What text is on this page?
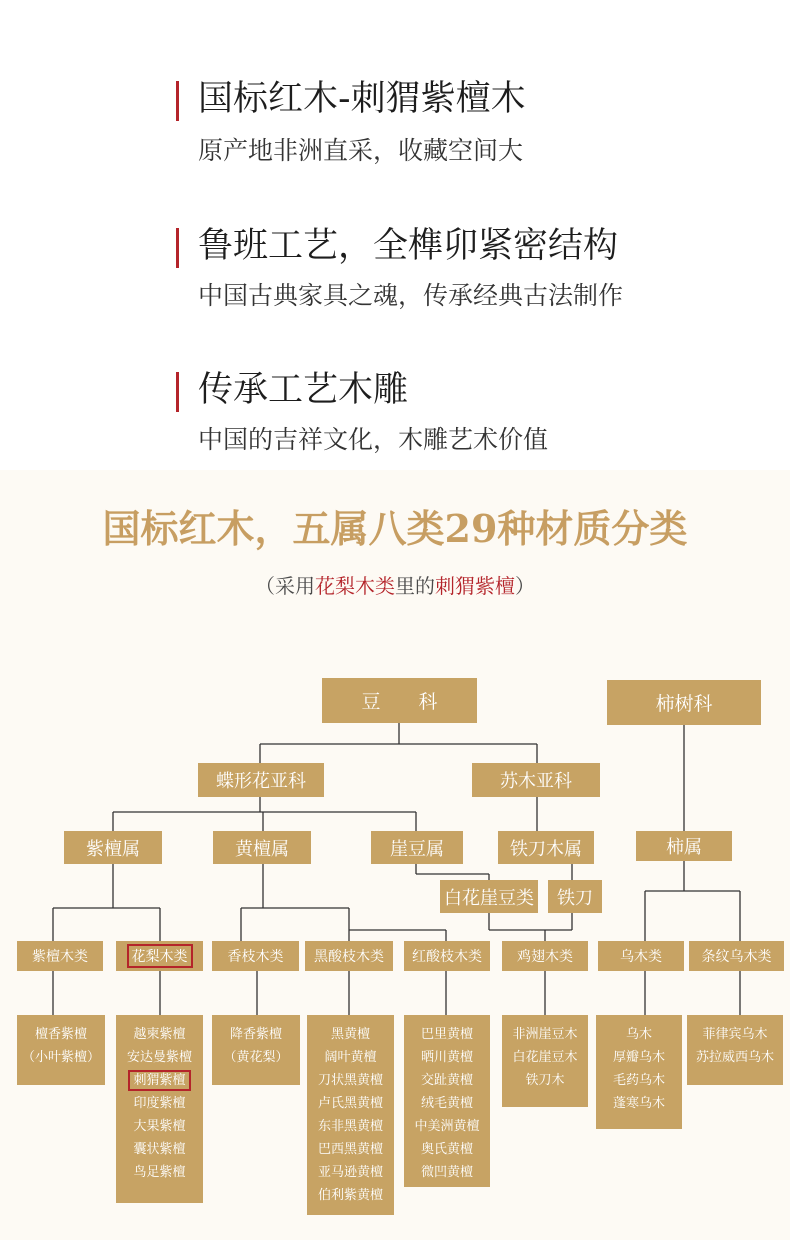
国标红木-刺猬紫檀木
原产地非洲直采，收藏空间大
鲁班工艺，全榫卯紧密结构
中国古典家具之魂，传承经典古法制作
传承工艺木雕
中国的吉祥文化，木雕艺术价值
国标红木，五属八类29种材质分类
（采用花梨木类里的刺猬紫檀）
豆　　科	柿树科
蝶形花亚科	苏木亚科
紫檀属	黄檀属	崖豆属	铁刀木属	柿属
白花崖豆类	铁刀
紫檀木类	花梨木类	香枝木类	黑酸枝木类	红酸枝木类	鸡翅木类	乌木类	条纹乌木类
檀香紫檀
（小叶紫檀）
越柬紫檀
安达曼紫檀
刺猬紫檀
印度紫檀
大果紫檀
囊状紫檀
鸟足紫檀
降香紫檀
（黄花梨）
黑黄檀
阔叶黄檀
刀状黑黄檀
卢氏黑黄檀
东非黑黄檀
巴西黑黄檀
亚马逊黄檀
伯利紫黄檀
巴里黄檀
晒川黄檀
交趾黄檀
绒毛黄檀
中美洲黄檀
奥氏黄檀
微凹黄檀
非洲崖豆木
白花崖豆木
铁刀木
乌木
厚瓣乌木
毛药乌木
蓬寒乌木
菲律宾乌木
苏拉威西乌木
